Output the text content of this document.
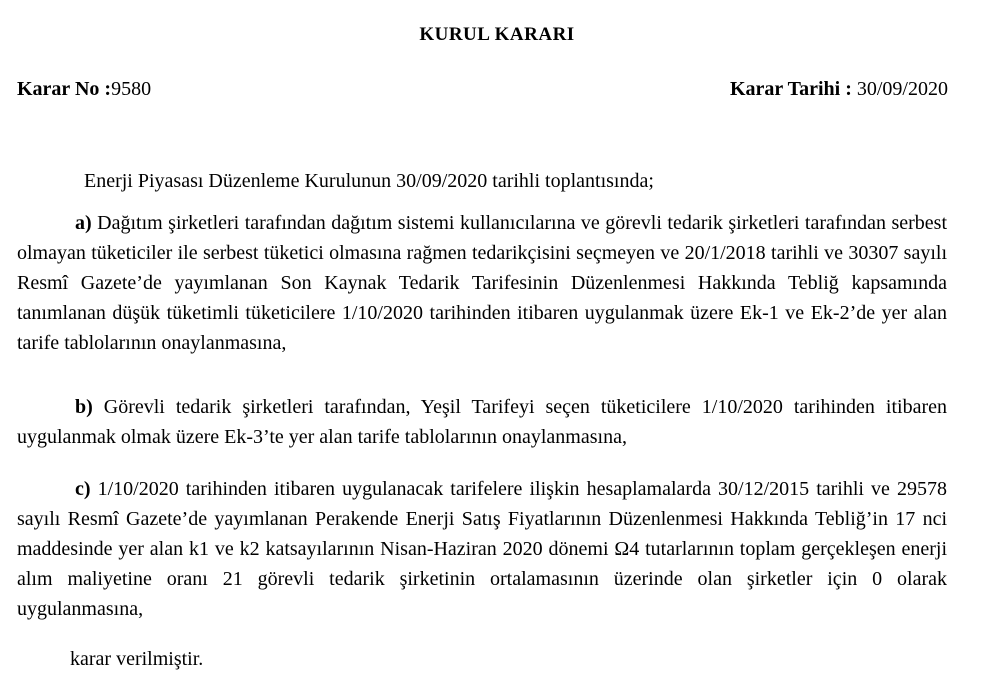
KURUL KARARI
Karar No :9580	Karar Tarihi : 30/09/2020
Enerji Piyasası Düzenleme Kurulunun 30/09/2020 tarihli toplantısında;
a) Dağıtım şirketleri tarafından dağıtım sistemi kullanıcılarına ve görevli tedarik şirketleri tarafından serbest olmayan tüketiciler ile serbest tüketici olmasına rağmen tedarikçisini seçmeyen ve 20/1/2018 tarihli ve 30307 sayılı Resmî Gazete’de yayımlanan Son Kaynak Tedarik Tarifesinin Düzenlenmesi Hakkında Tebliğ kapsamında tanımlanan düşük tüketimli tüketicilere 1/10/2020 tarihinden itibaren uygulanmak üzere Ek-1 ve Ek-2’de yer alan tarife tablolarının onaylanmasına,
b) Görevli tedarik şirketleri tarafından, Yeşil Tarifeyi seçen tüketicilere 1/10/2020 tarihinden itibaren uygulanmak olmak üzere Ek-3’te yer alan tarife tablolarının onaylanmasına,
c) 1/10/2020 tarihinden itibaren uygulanacak tarifelere ilişkin hesaplamalarda 30/12/2015 tarihli ve 29578 sayılı Resmî Gazete’de yayımlanan Perakende Enerji Satış Fiyatlarının Düzenlenmesi Hakkında Tebliğ’in 17 nci maddesinde yer alan k1 ve k2 katsayılarının Nisan-Haziran 2020 dönemi Ω4 tutarlarının toplam gerçekleşen enerji alım maliyetine oranı 21 görevli tedarik şirketinin ortalamasının üzerinde olan şirketler için 0 olarak uygulanmasına,
karar verilmiştir.
